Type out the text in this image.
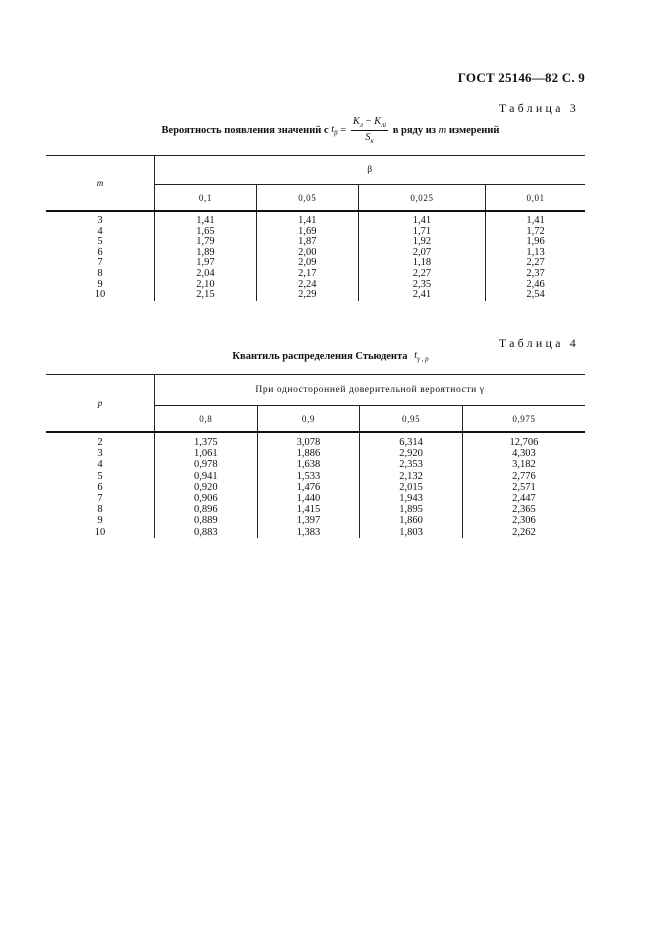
ГОСТ 25146—82 С. 9
Таблица 3
Вероятность появления значений с $t_\beta = \frac{K_л - K_{лi}}{S_к}$ в ряду из m измерений
m	β			
	0,1	0,05	0,025	0,01

3	1,41	1,41	1,41	1,41
4	1,65	1,69	1,71	1,72
5	1,79	1,87	1,92	1,96
6	1,89	2,00	2,07	1,13
7	1,97	2,09	1,18	2,27
8	2,04	2,17	2,27	2,37
9	2,10	2,24	2,35	2,46
10	2,15	2,29	2,41	2,54
Таблица 4
Квантиль распределения Стьюдента $t_{\gamma , p}$
p	При односторонней доверительной вероятности γ			
	0,8	0,9	0,95	0,975

2	1,375	3,078	6,314	12,706
3	1,061	1,886	2,920	4,303
4	0,978	1,638	2,353	3,182
5	0,941	1,533	2,132	2,776
6	0,920	1,476	2,015	2,571
7	0,906	1,440	1,943	2,447
8	0,896	1,415	1,895	2,365
9	0,889	1,397	1,860	2,306
10	0,883	1,383	1,803	2,262
